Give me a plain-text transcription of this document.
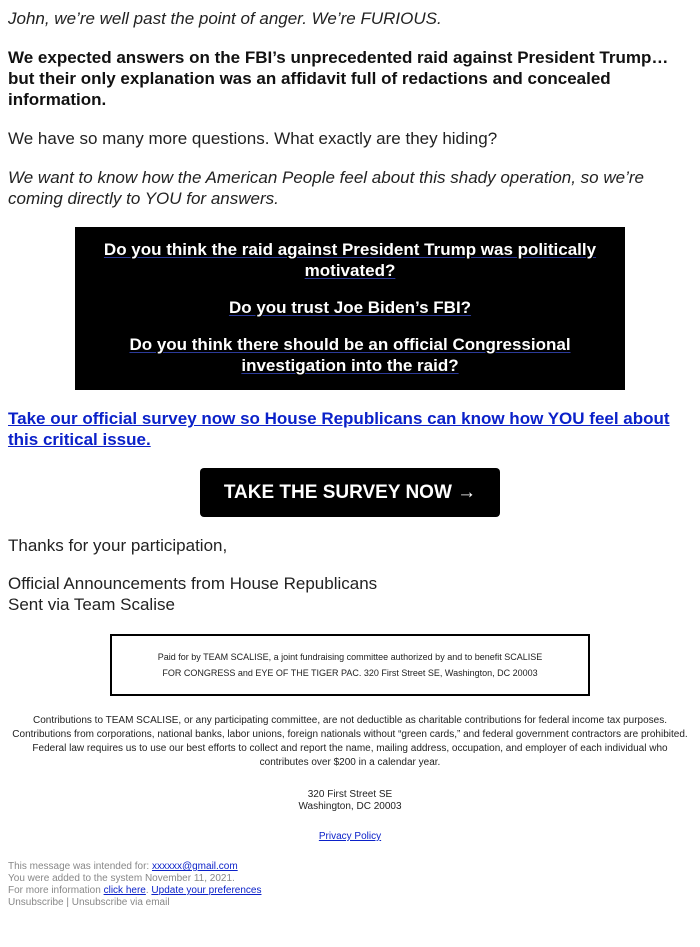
John, we’re well past the point of anger. We’re FURIOUS.

We expected answers on the FBI’s unprecedented raid against President Trump… but their only explanation was an affidavit full of redactions and concealed information.

We have so many more questions. What exactly are they hiding?

We want to know how the American People feel about this shady operation, so we’re coming directly to YOU for answers.

Do you think the raid against President Trump was politically motivated?

Do you trust Joe Biden’s FBI?

Do you think there should be an official Congressional investigation into the raid?

Take our official survey now so House Republicans can know how YOU feel about this critical issue.
TAKE THE SURVEY NOW →

Thanks for your participation,

Official Announcements from House Republicans

Sent via Team Scalise

Paid for by TEAM SCALISE, a joint fundraising committee authorized by and to benefit SCALISE
FOR CONGRESS and EYE OF THE TIGER PAC. 320 First Street SE, Washington, DC 20003

Contributions to TEAM SCALISE, or any participating committee, are not deductible as charitable contributions for federal income tax purposes. Contributions from corporations, national banks, labor unions, foreign nationals without “green cards,” and federal government contractors are prohibited. Federal law requires us to use our best efforts to collect and report the name, mailing address, occupation, and employer of each individual who contributes over $200 in a calendar year.

320 First Street SE
Washington, DC 20003
Privacy Policy
This message was intended for: xxxxxx@gmail.com
You were added to the system November 11, 2021.
For more information click here. Update your preferences
Unsubscribe | Unsubscribe via email
